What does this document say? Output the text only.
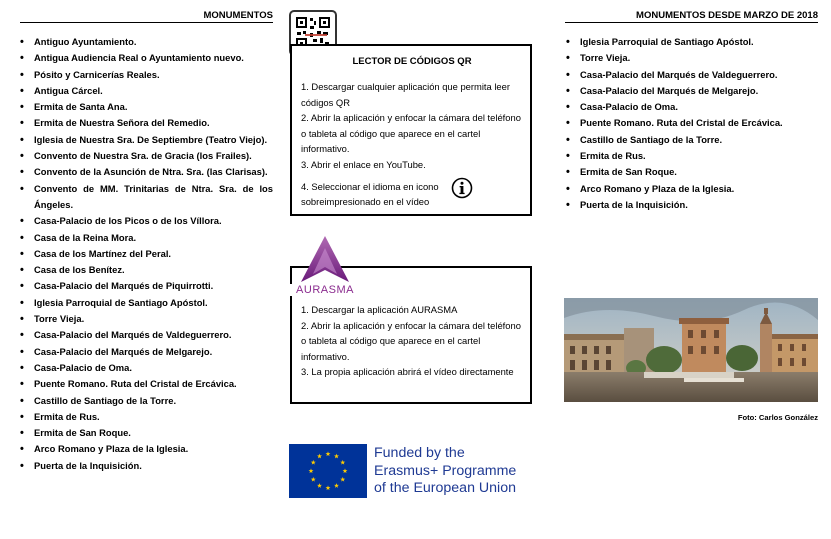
MONUMENTOS
• Antiguo Ayuntamiento.
• Antigua Audiencia Real o Ayuntamiento nuevo.
• Pósito y Carnicerías Reales.
• Antigua Cárcel.
• Ermita de Santa Ana.
• Ermita de Nuestra Señora del Remedio.
• Iglesia de Nuestra Sra. De Septiembre (Teatro Viejo).
• Convento de Nuestra Sra. de Gracia (los Frailes).
• Convento de la Asunción de Ntra. Sra. (las Clarisas).
• Convento de MM. Trinitarias de Ntra. Sra. de los Ángeles.
• Casa-Palacio de los Picos o de los Víllora.
• Casa de la Reina Mora.
• Casa de los Martínez del Peral.
• Casa de los Benítez.
• Casa-Palacio del Marqués de Piquirrotti.
• Iglesia Parroquial de Santiago Apóstol.
• Torre Vieja.
• Casa-Palacio del Marqués de Valdeguerrero.
• Casa-Palacio del Marqués de Melgarejo.
• Casa-Palacio de Oma.
• Puente Romano. Ruta del Cristal de Ercávica.
• Castillo de Santiago de la Torre.
• Ermita de Rus.
• Ermita de San Roque.
• Arco Romano y Plaza de la Iglesia.
• Puerta de la Inquisición.
LECTOR DE CÓDIGOS QR

1. Descargar cualquier aplicación que permita leer códigos QR

2. Abrir la aplicación y enfocar la cámara del teléfono o tableta al código que aparece en el cartel informativo.

3. Abrir el enlace en YouTube.

4. Seleccionar el idioma en icono sobreimpresionado en el vídeo

1. Descargar la aplicación AURASMA

2. Abrir la aplicación y enfocar la cámara del teléfono o tableta al código que aparece en el cartel informativo.

3. La propia aplicación abrirá el vídeo directamente

AURASMA
MONUMENTOS DESDE MARZO DE 2018
• Iglesia Parroquial de Santiago Apóstol.
• Torre Vieja.
• Casa-Palacio del Marqués de Valdeguerrero.
• Casa-Palacio del Marqués de Melgarejo.
• Casa-Palacio de Oma.
• Puente Romano. Ruta del Cristal de Ercávica.
• Castillo de Santiago de la Torre.
• Ermita de Rus.
• Ermita de San Roque.
• Arco Romano y Plaza de la Iglesia.
• Puerta de la Inquisición.
Foto: Carlos González
Funded by the
Erasmus+ Programme
of the European Union
